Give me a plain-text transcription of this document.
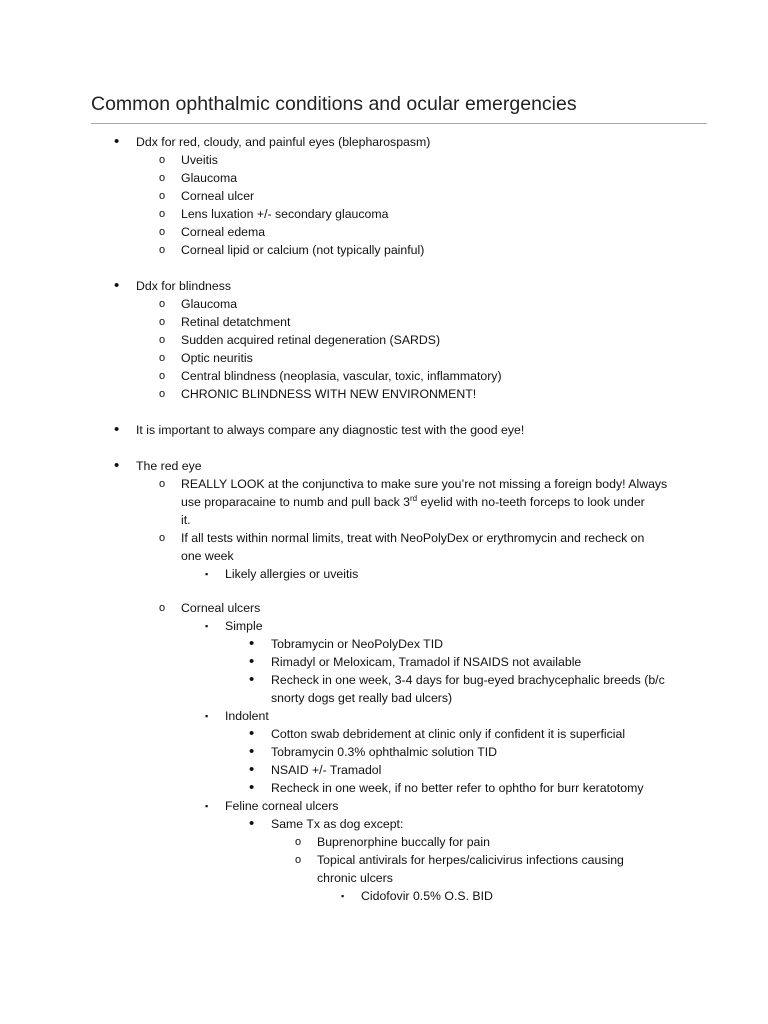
Common ophthalmic conditions and ocular emergencies
• Ddx for red, cloudy, and painful eyes (blepharospasm)
o Uveitis
o Glaucoma
o Corneal ulcer
o Lens luxation +/- secondary glaucoma
o Corneal edema
o Corneal lipid or calcium (not typically painful)
• Ddx for blindness
o Glaucoma
o Retinal detatchment
o Sudden acquired retinal degeneration (SARDS)
o Optic neuritis
o Central blindness (neoplasia, vascular, toxic, inflammatory)
o CHRONIC BLINDNESS WITH NEW ENVIRONMENT!
• It is important to always compare any diagnostic test with the good eye!
• The red eye
o REALLY LOOK at the conjunctiva to make sure you’re not missing a foreign body! Always
use proparacaine to numb and pull back 3rd eyelid with no-teeth forceps to look under
it.
o If all tests within normal limits, treat with NeoPolyDex or erythromycin and recheck on
one week
▪ Likely allergies or uveitis
o Corneal ulcers
▪ Simple
• Tobramycin or NeoPolyDex TID
• Rimadyl or Meloxicam, Tramadol if NSAIDS not available
• Recheck in one week, 3-4 days for bug-eyed brachycephalic breeds (b/c
snorty dogs get really bad ulcers)
▪ Indolent
• Cotton swab debridement at clinic only if confident it is superficial
• Tobramycin 0.3% ophthalmic solution TID
• NSAID +/- Tramadol
• Recheck in one week, if no better refer to ophtho for burr keratotomy
▪ Feline corneal ulcers
• Same Tx as dog except:
o Buprenorphine buccally for pain
o Topical antivirals for herpes/calicivirus infections causing
chronic ulcers
▪ Cidofovir 0.5% O.S. BID
